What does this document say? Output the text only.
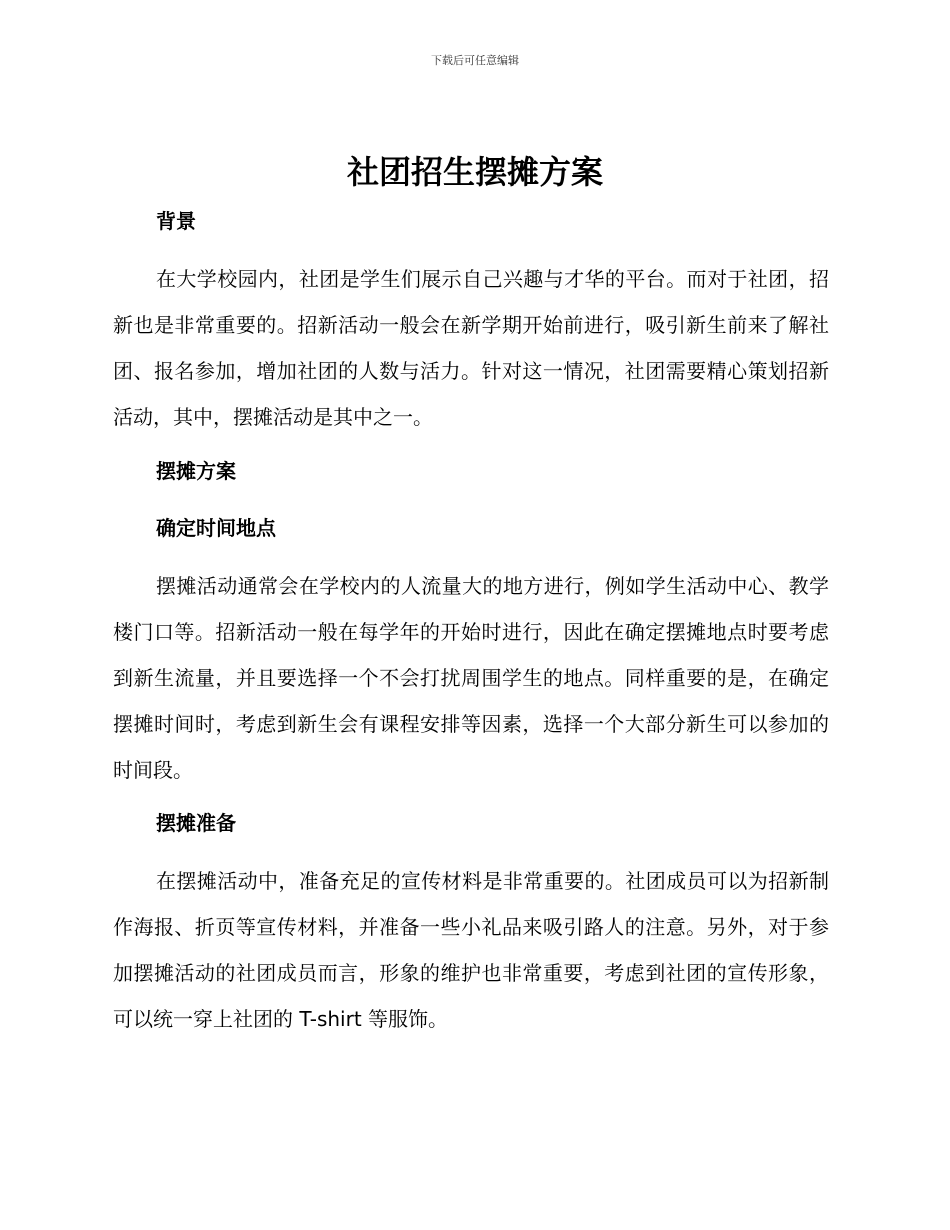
下载后可任意编辑
社团招生摆摊方案
背景
在大学校园内，社团是学生们展示自己兴趣与才华的平台。而对于社团，招新也是非常重要的。招新活动一般会在新学期开始前进行，吸引新生前来了解社团、报名参加，增加社团的人数与活力。针对这一情况，社团需要精心策划招新活动，其中，摆摊活动是其中之一。
摆摊方案
确定时间地点
摆摊活动通常会在学校内的人流量大的地方进行，例如学生活动中心、教学楼门口等。招新活动一般在每学年的开始时进行，因此在确定摆摊地点时要考虑到新生流量，并且要选择一个不会打扰周围学生的地点。同样重要的是，在确定摆摊时间时，考虑到新生会有课程安排等因素，选择一个大部分新生可以参加的时间段。
摆摊准备
在摆摊活动中，准备充足的宣传材料是非常重要的。社团成员可以为招新制作海报、折页等宣传材料，并准备一些小礼品来吸引路人的注意。另外，对于参加摆摊活动的社团成员而言，形象的维护也非常重要，考虑到社团的宣传形象，可以统一穿上社团的 T-shirt 等服饰。
